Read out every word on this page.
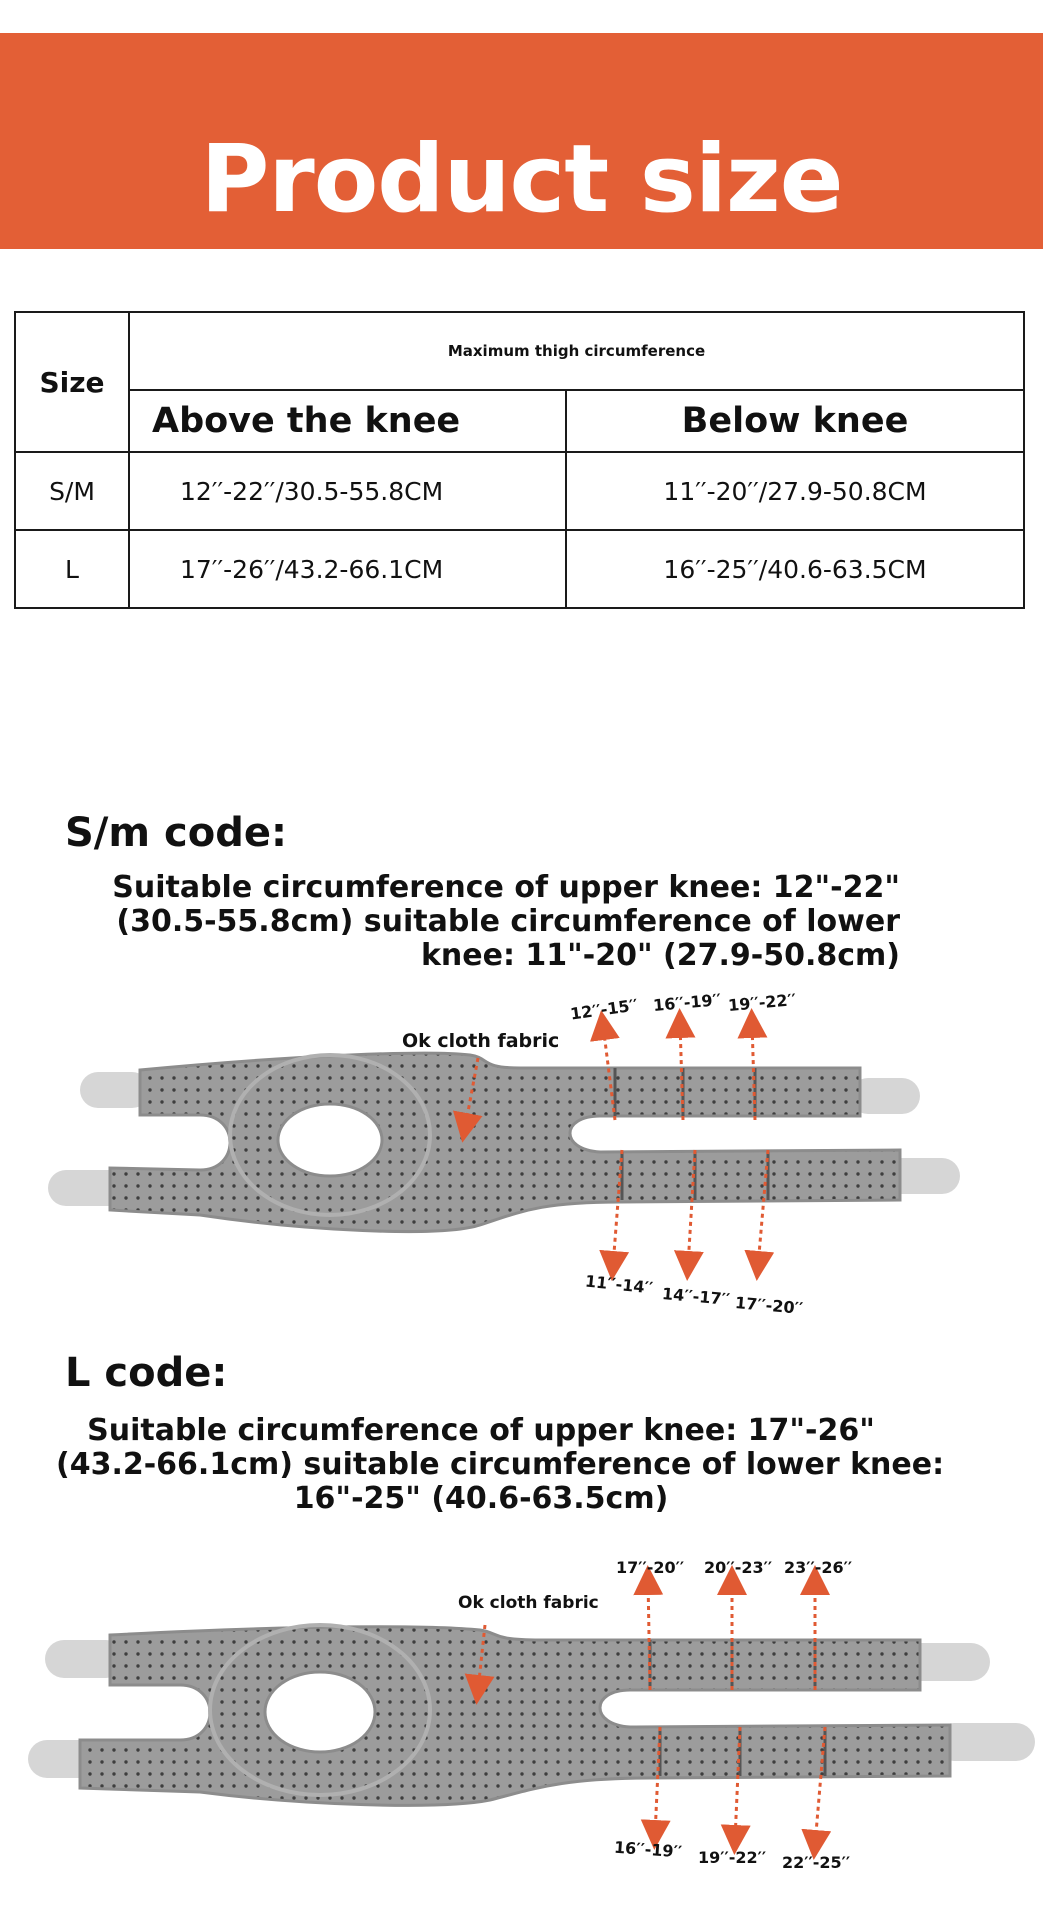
Product size
Size	Maximum thigh circumference	
	Above the knee	Below knee
S/M	12′′-22′′/30.5-55.8CM	11′′-20′′/27.9-50.8CM
L	17′′-26′′/43.2-66.1CM	16′′-25′′/40.6-63.5CM
S/m code:
Suitable circumference of upper knee: 12"-22"
(30.5-55.8cm) suitable circumference of lower
knee: 11"-20" (27.9-50.8cm)
Ok cloth fabric
12′′-15′′ 16′′-19′′ 19′′-22′′
11′′-14′′ 14′′-17′′ 17′′-20′′
L code:
Suitable circumference of upper knee: 17"-26"
(43.2-66.1cm) suitable circumference of lower knee:
16"-25" (40.6-63.5cm)
Ok cloth fabric
17′′-20′′ 20′′-23′′ 23′′-26′′
16′′-19′′ 19′′-22′′ 22′′-25′′
